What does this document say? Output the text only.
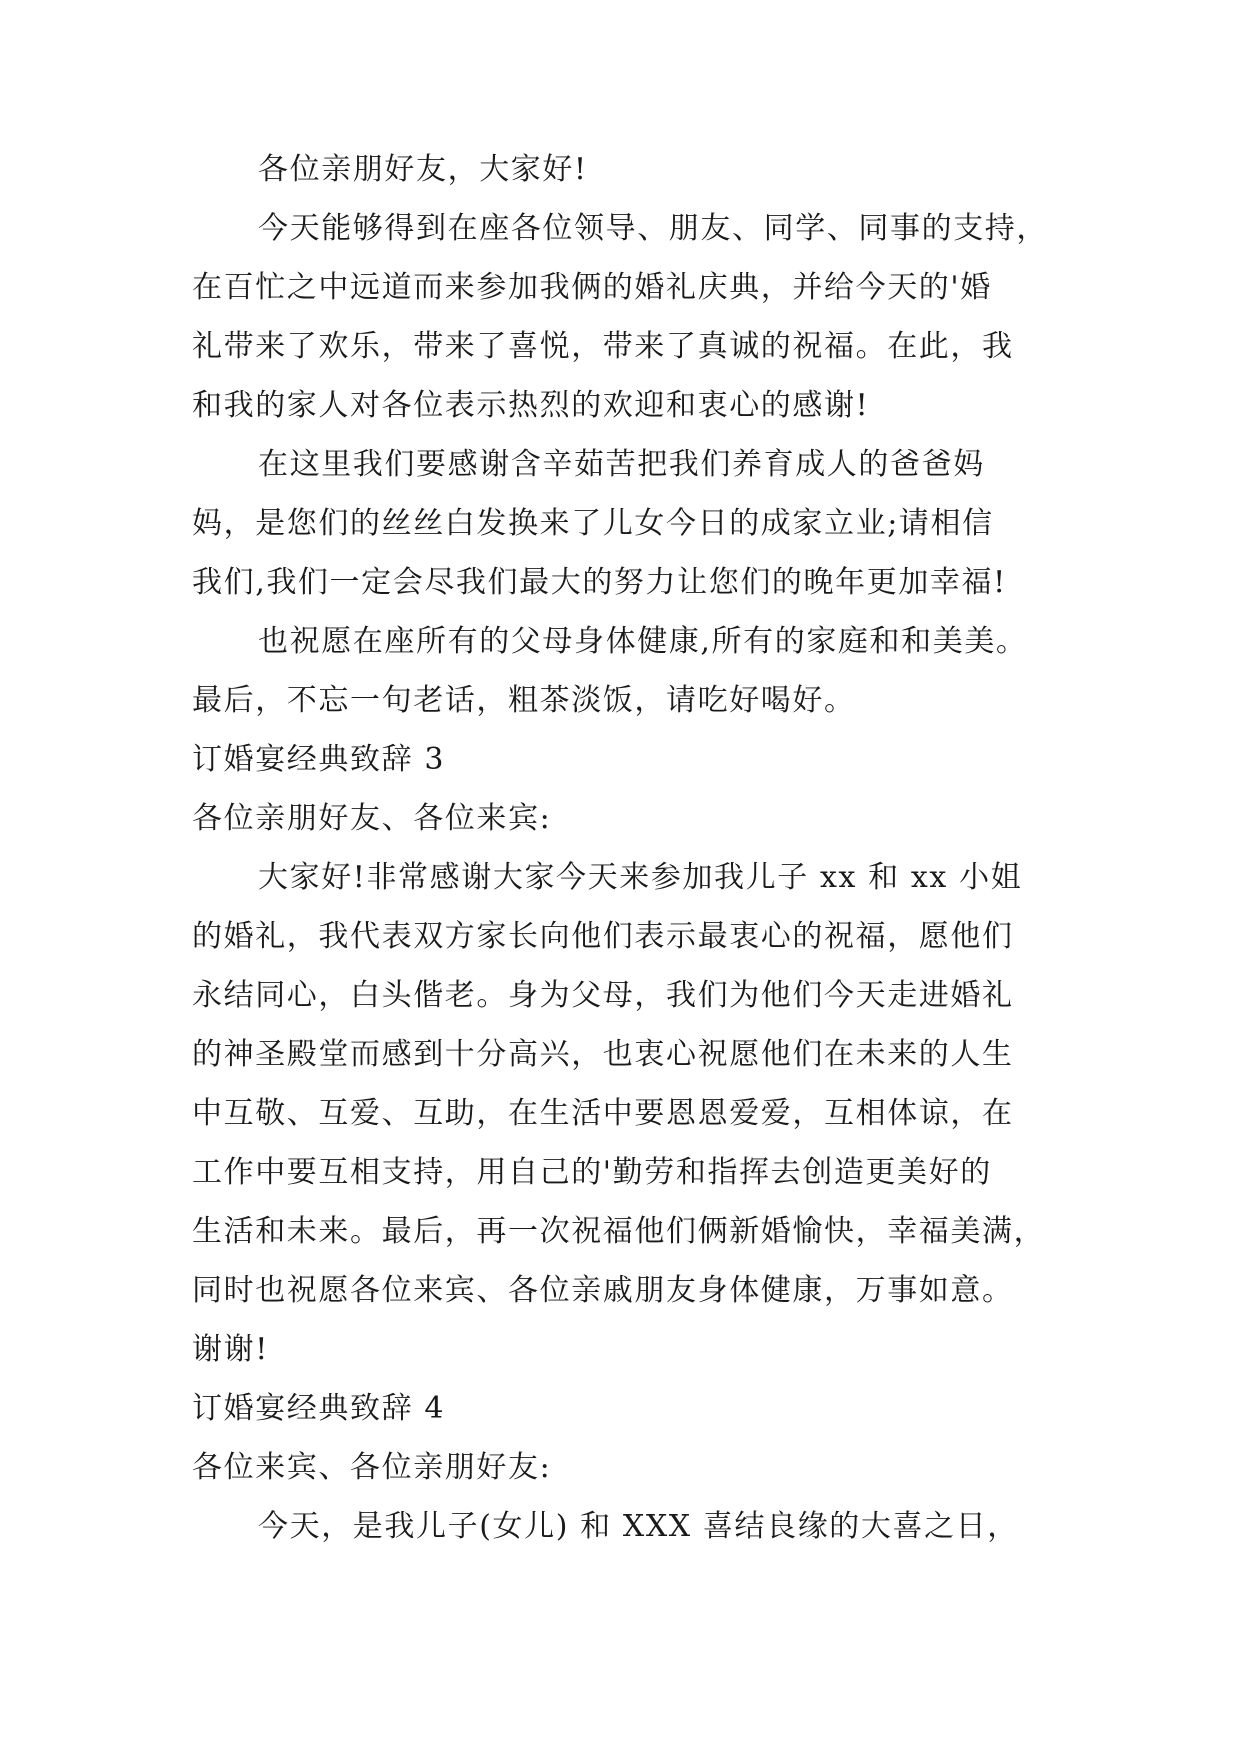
各位亲朋好友，大家好!
今天能够得到在座各位领导、朋友、同学、同事的支持，
在百忙之中远道而来参加我俩的婚礼庆典，并给今天的'婚
礼带来了欢乐，带来了喜悦，带来了真诚的祝福。在此，我
和我的家人对各位表示热烈的欢迎和衷心的感谢!
在这里我们要感谢含辛茹苦把我们养育成人的爸爸妈
妈，是您们的丝丝白发换来了儿女今日的成家立业;请相信
我们,我们一定会尽我们最大的努力让您们的晚年更加幸福!
也祝愿在座所有的父母身体健康,所有的家庭和和美美。
最后，不忘一句老话，粗茶淡饭，请吃好喝好。
订婚宴经典致辞 3
各位亲朋好友、各位来宾:
大家好!非常感谢大家今天来参加我儿子 xx 和 xx 小姐
的婚礼，我代表双方家长向他们表示最衷心的祝福，愿他们
永结同心，白头偕老。身为父母，我们为他们今天走进婚礼
的神圣殿堂而感到十分高兴，也衷心祝愿他们在未来的人生
中互敬、互爱、互助，在生活中要恩恩爱爱，互相体谅，在
工作中要互相支持，用自己的'勤劳和指挥去创造更美好的
生活和未来。最后，再一次祝福他们俩新婚愉快，幸福美满，
同时也祝愿各位来宾、各位亲戚朋友身体健康，万事如意。
谢谢!
订婚宴经典致辞 4
各位来宾、各位亲朋好友:
今天，是我儿子(女儿) 和 XXX 喜结良缘的大喜之日，
